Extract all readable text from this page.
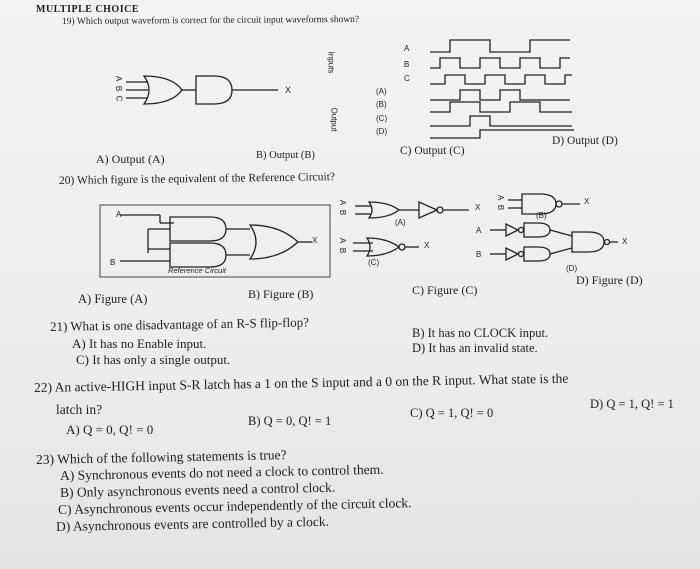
MULTIPLE CHOICE
19) Which output waveform is correct for the circuit input waveforms shown?
A
B
C
X
Inputs
Output
A
B
C
(A)
(B)
(C)
(D)
A) Output (A)	B) Output (B)	C) Output (C)
D) Output (D)
20) Which figure is the equivalent of the Reference Circuit?
A
B
X
Reference Circuit
A
B
X
(A)
A
B
X
(B)
A
B
X
(C)
A
B
X
(D)
A) Figure (A)	B) Figure (B)	C) Figure (C)
D) Figure (D)
21) What is one disadvantage of an R-S flip-flop?
A) It has no Enable input.
B) It has no CLOCK input.
C) It has only a single output.
D) It has an invalid state.
22) An active-HIGH input S-R latch has a 1 on the S input and a 0 on the R input. What state is the
latch in?
A) Q = 0, Q! = 0
B) Q = 0, Q! = 1
C) Q = 1, Q! = 0
D) Q = 1, Q! = 1
23) Which of the following statements is true?
A) Synchronous events do not need a clock to control them.
B) Only asynchronous events need a control clock.
C) Asynchronous events occur independently of the circuit clock.
D) Asynchronous events are controlled by a clock.
